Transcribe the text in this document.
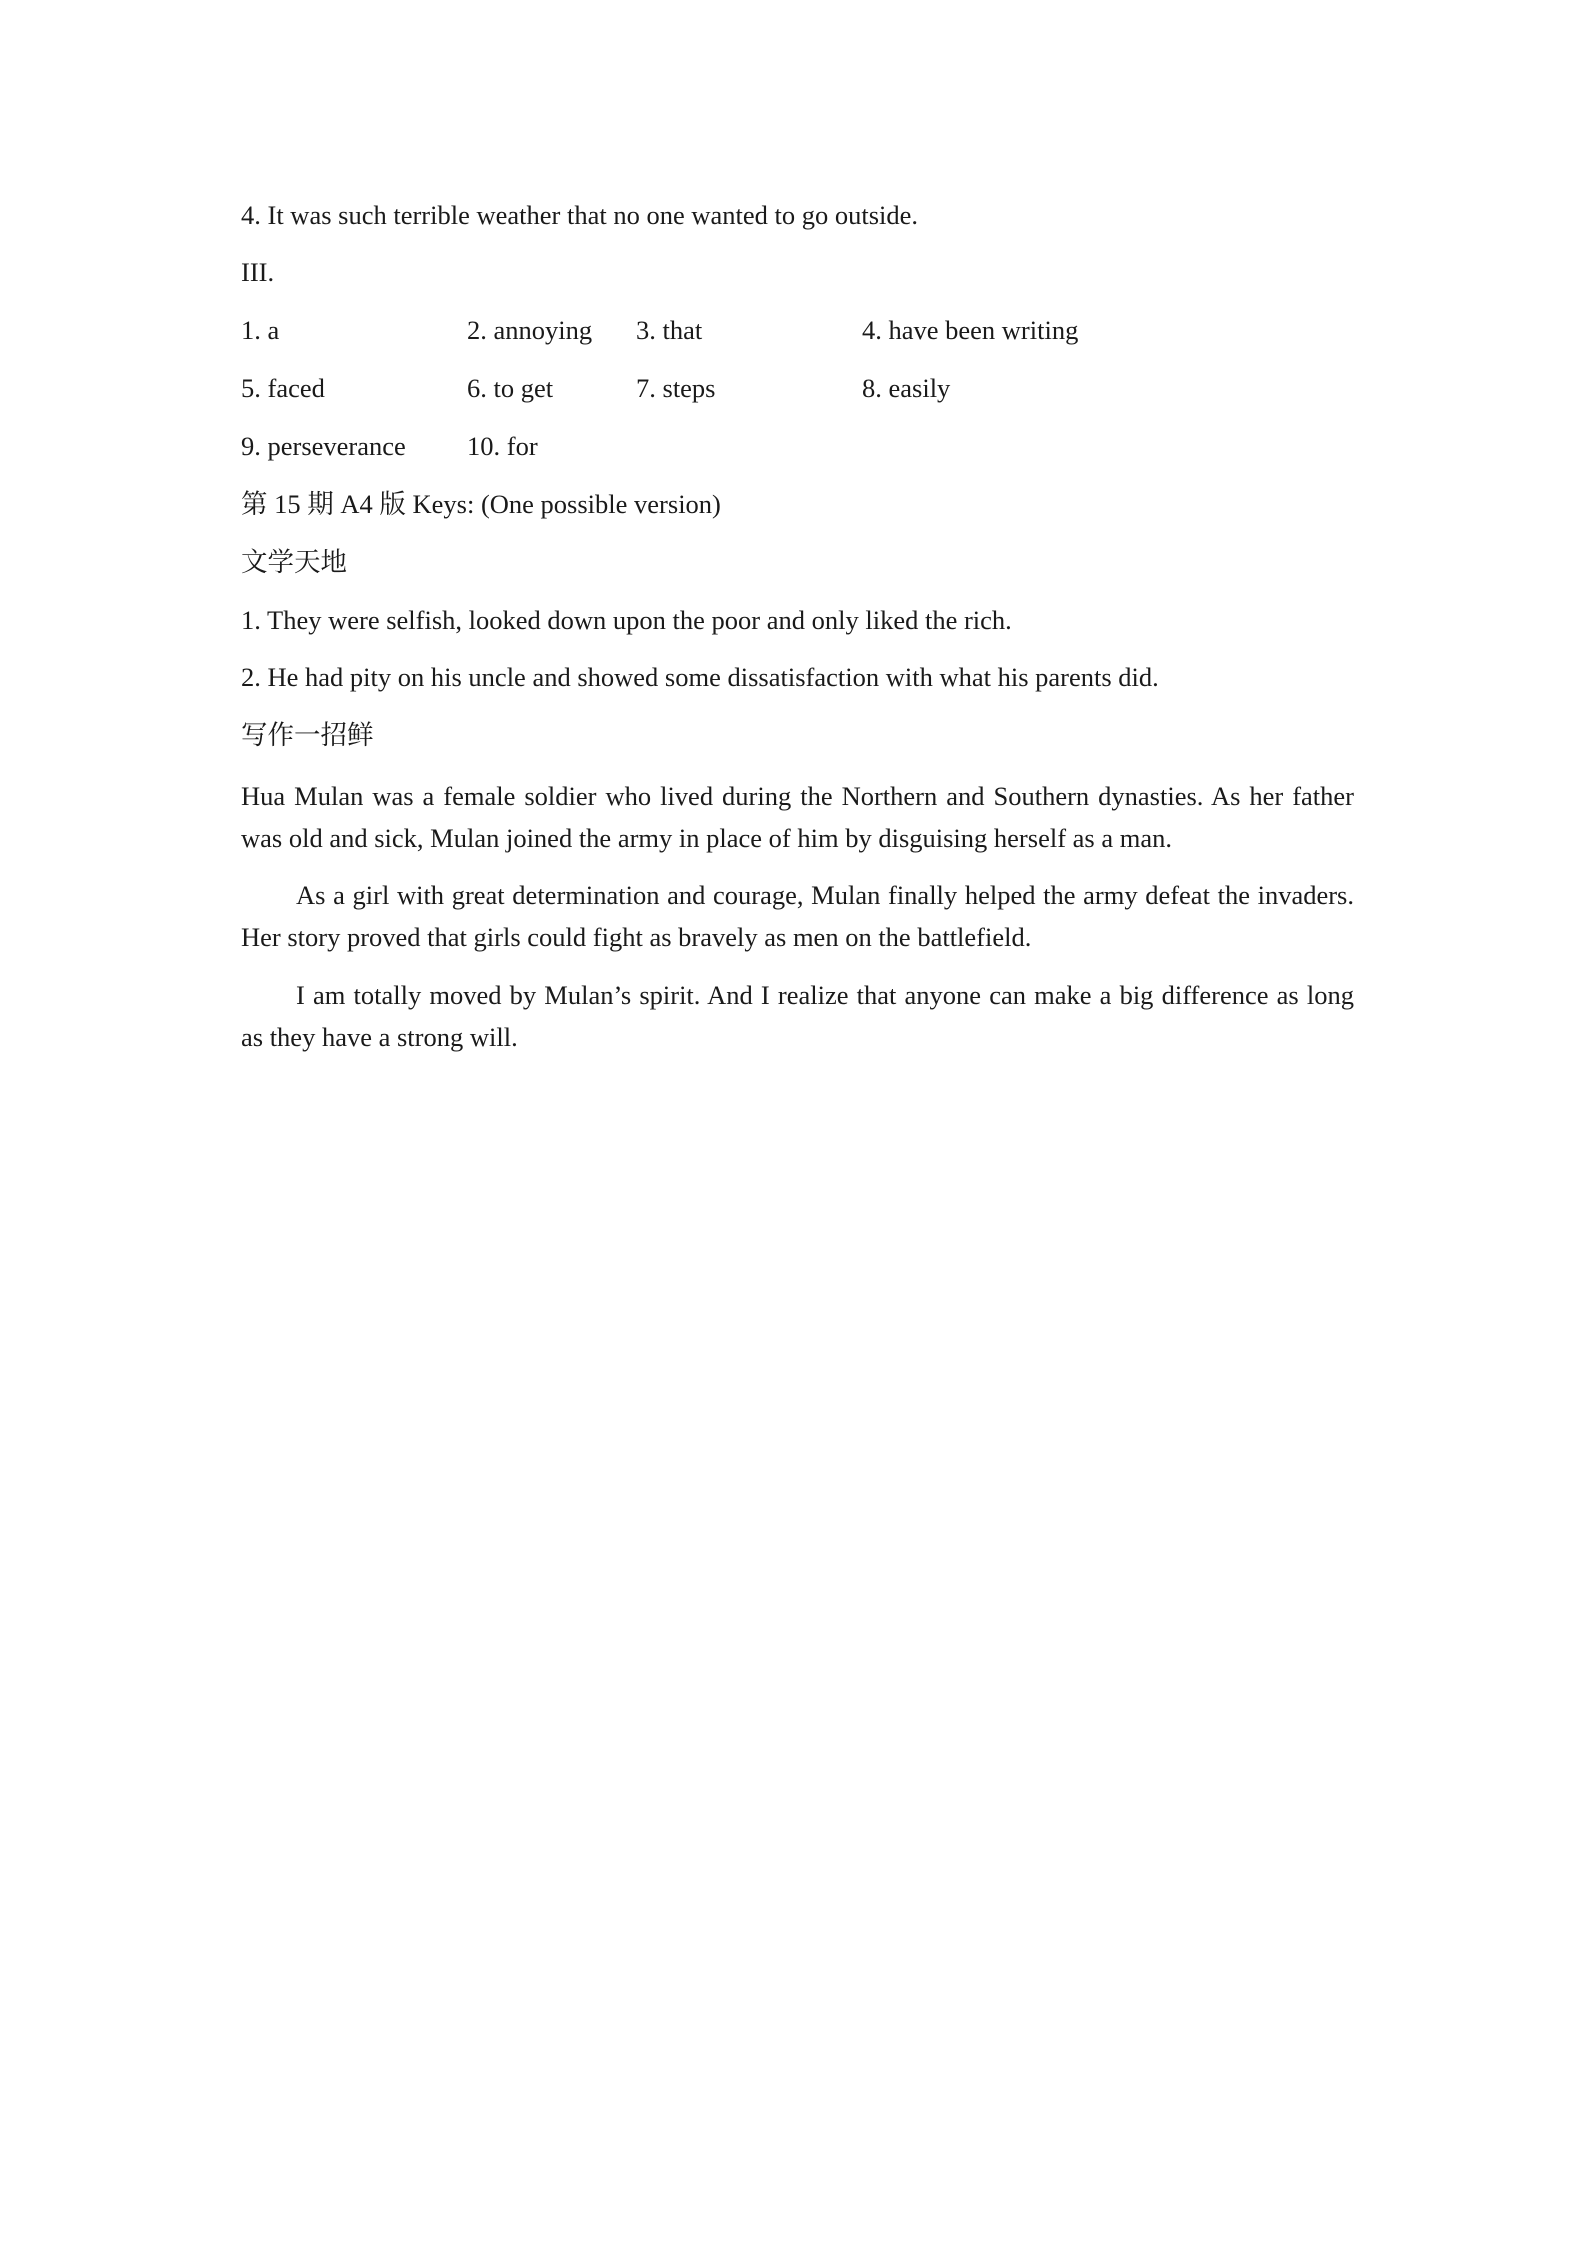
4. It was such terrible weather that no one wanted to go outside.
III.
1. a	2. annoying 3. that	4. have been writing
5. faced	6. to get	7. steps	8. easily
9. perseverance 10. for
第 15 期 A4 版 Keys: (One possible version)
文学天地
1. They were selfish, looked down upon the poor and only liked the rich.
2. He had pity on his uncle and showed some dissatisfaction with what his parents did.
写作一招鲜
Hua Mulan was a female soldier who lived during the Northern and Southern dynasties. As her father was old and sick, Mulan joined the army in place of him by disguising herself as a man.
As a girl with great determination and courage, Mulan finally helped the army defeat the invaders. Her story proved that girls could fight as bravely as men on the battlefield.
I am totally moved by Mulan’s spirit. And I realize that anyone can make a big difference as long as they have a strong will.
